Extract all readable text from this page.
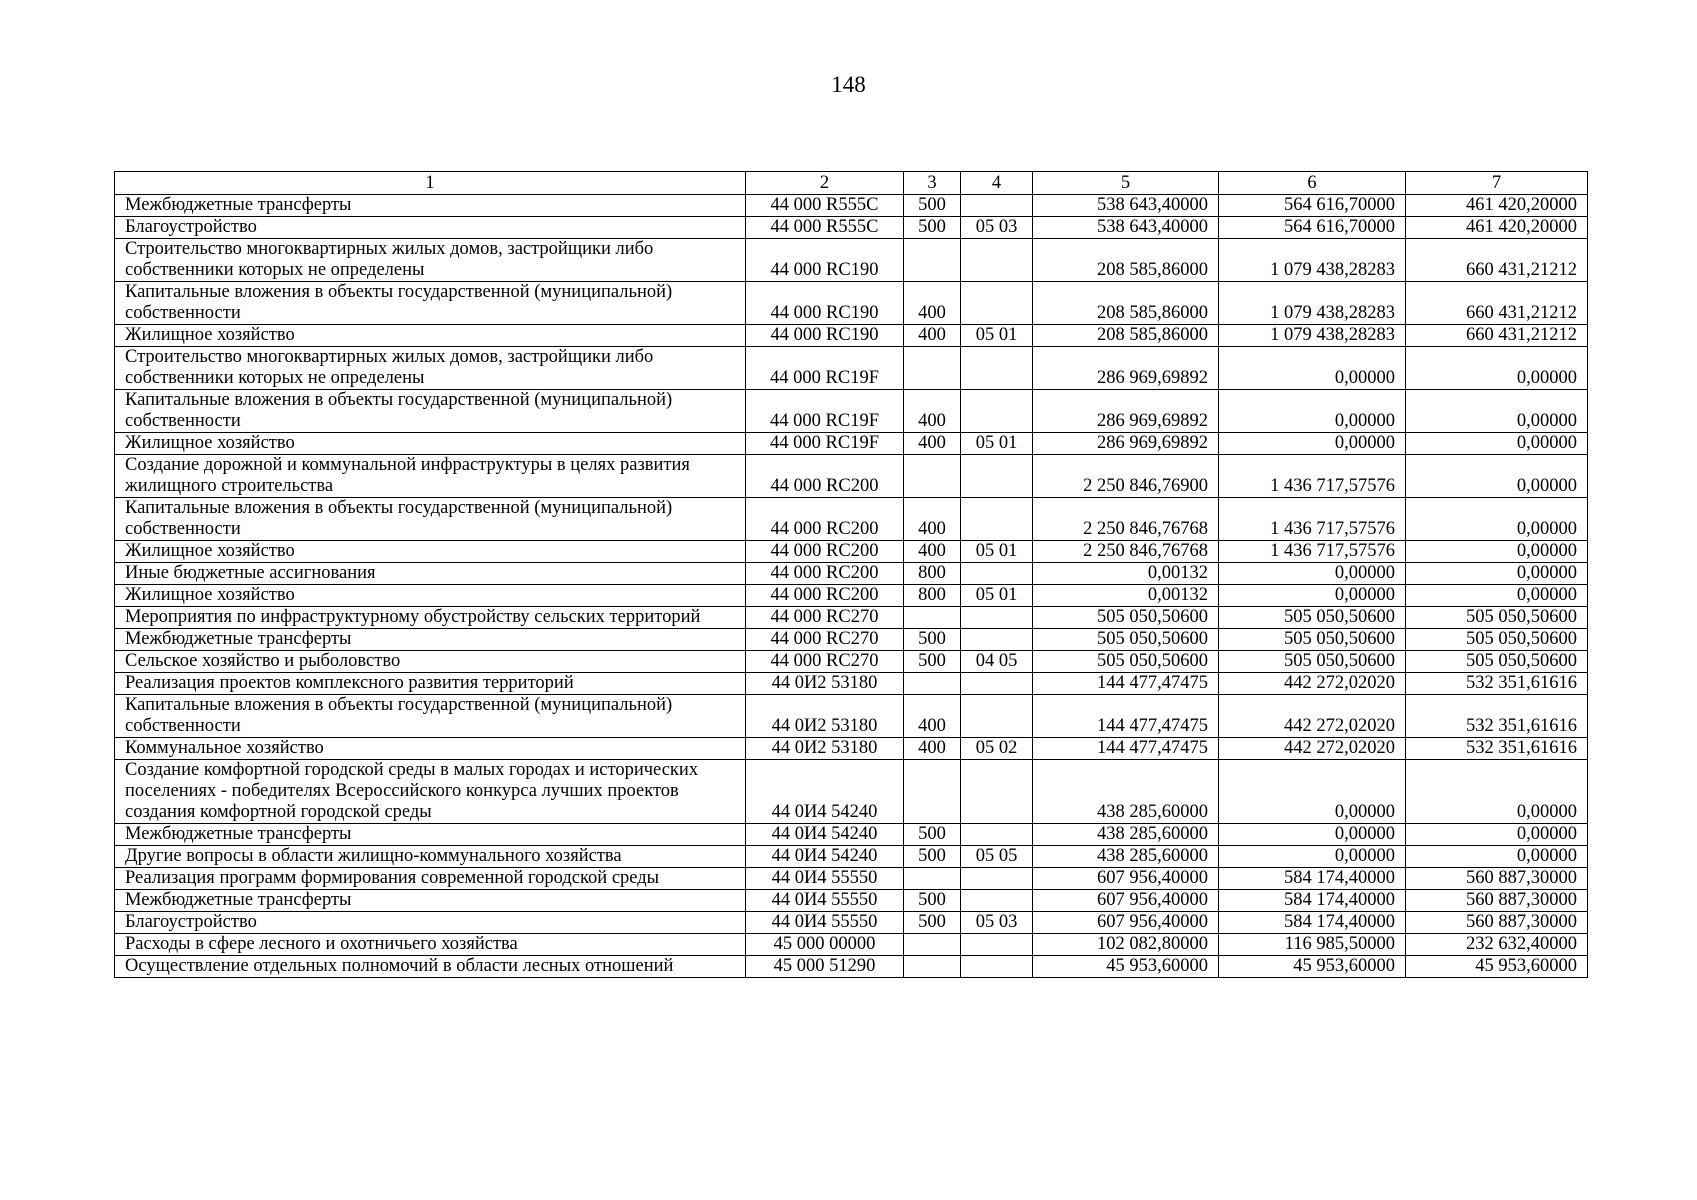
148
1	2	3	4	5	6	7
Межбюджетные трансферты	44 000 R555C	500		538 643,40000	564 616,70000	461 420,20000
Благоустройство	44 000 R555C	500	05 03	538 643,40000	564 616,70000	461 420,20000
Строительство многоквартирных жилых домов, застройщики либо собственники которых не определены	44 000 RC190			208 585,86000	1 079 438,28283	660 431,21212
Капитальные вложения в объекты государственной (муниципальной) собственности	44 000 RC190	400		208 585,86000	1 079 438,28283	660 431,21212
Жилищное хозяйство	44 000 RC190	400	05 01	208 585,86000	1 079 438,28283	660 431,21212
Строительство многоквартирных жилых домов, застройщики либо собственники которых не определены	44 000 RC19F			286 969,69892	0,00000	0,00000
Капитальные вложения в объекты государственной (муниципальной) собственности	44 000 RC19F	400		286 969,69892	0,00000	0,00000
Жилищное хозяйство	44 000 RC19F	400	05 01	286 969,69892	0,00000	0,00000
Создание дорожной и коммунальной инфраструктуры в целях развития жилищного строительства	44 000 RC200			2 250 846,76900	1 436 717,57576	0,00000
Капитальные вложения в объекты государственной (муниципальной) собственности	44 000 RC200	400		2 250 846,76768	1 436 717,57576	0,00000
Жилищное хозяйство	44 000 RC200	400	05 01	2 250 846,76768	1 436 717,57576	0,00000
Иные бюджетные ассигнования	44 000 RC200	800		0,00132	0,00000	0,00000
Жилищное хозяйство	44 000 RC200	800	05 01	0,00132	0,00000	0,00000
Мероприятия по инфраструктурному обустройству сельских территорий	44 000 RC270			505 050,50600	505 050,50600	505 050,50600
Межбюджетные трансферты	44 000 RC270	500		505 050,50600	505 050,50600	505 050,50600
Сельское хозяйство и рыболовство	44 000 RC270	500	04 05	505 050,50600	505 050,50600	505 050,50600
Реализация проектов комплексного развития территорий	44 0И2 53180			144 477,47475	442 272,02020	532 351,61616
Капитальные вложения в объекты государственной (муниципальной) собственности	44 0И2 53180	400		144 477,47475	442 272,02020	532 351,61616
Коммунальное хозяйство	44 0И2 53180	400	05 02	144 477,47475	442 272,02020	532 351,61616
Создание комфортной городской среды в малых городах и исторических поселениях - победителях Всероссийского конкурса лучших проектов создания комфортной городской среды	44 0И4 54240			438 285,60000	0,00000	0,00000
Межбюджетные трансферты	44 0И4 54240	500		438 285,60000	0,00000	0,00000
Другие вопросы в области жилищно-коммунального хозяйства	44 0И4 54240	500	05 05	438 285,60000	0,00000	0,00000
Реализация программ формирования современной городской среды	44 0И4 55550			607 956,40000	584 174,40000	560 887,30000
Межбюджетные трансферты	44 0И4 55550	500		607 956,40000	584 174,40000	560 887,30000
Благоустройство	44 0И4 55550	500	05 03	607 956,40000	584 174,40000	560 887,30000
Расходы в сфере лесного и охотничьего хозяйства	45 000 00000			102 082,80000	116 985,50000	232 632,40000
Осуществление отдельных полномочий в области лесных отношений	45 000 51290			45 953,60000	45 953,60000	45 953,60000
